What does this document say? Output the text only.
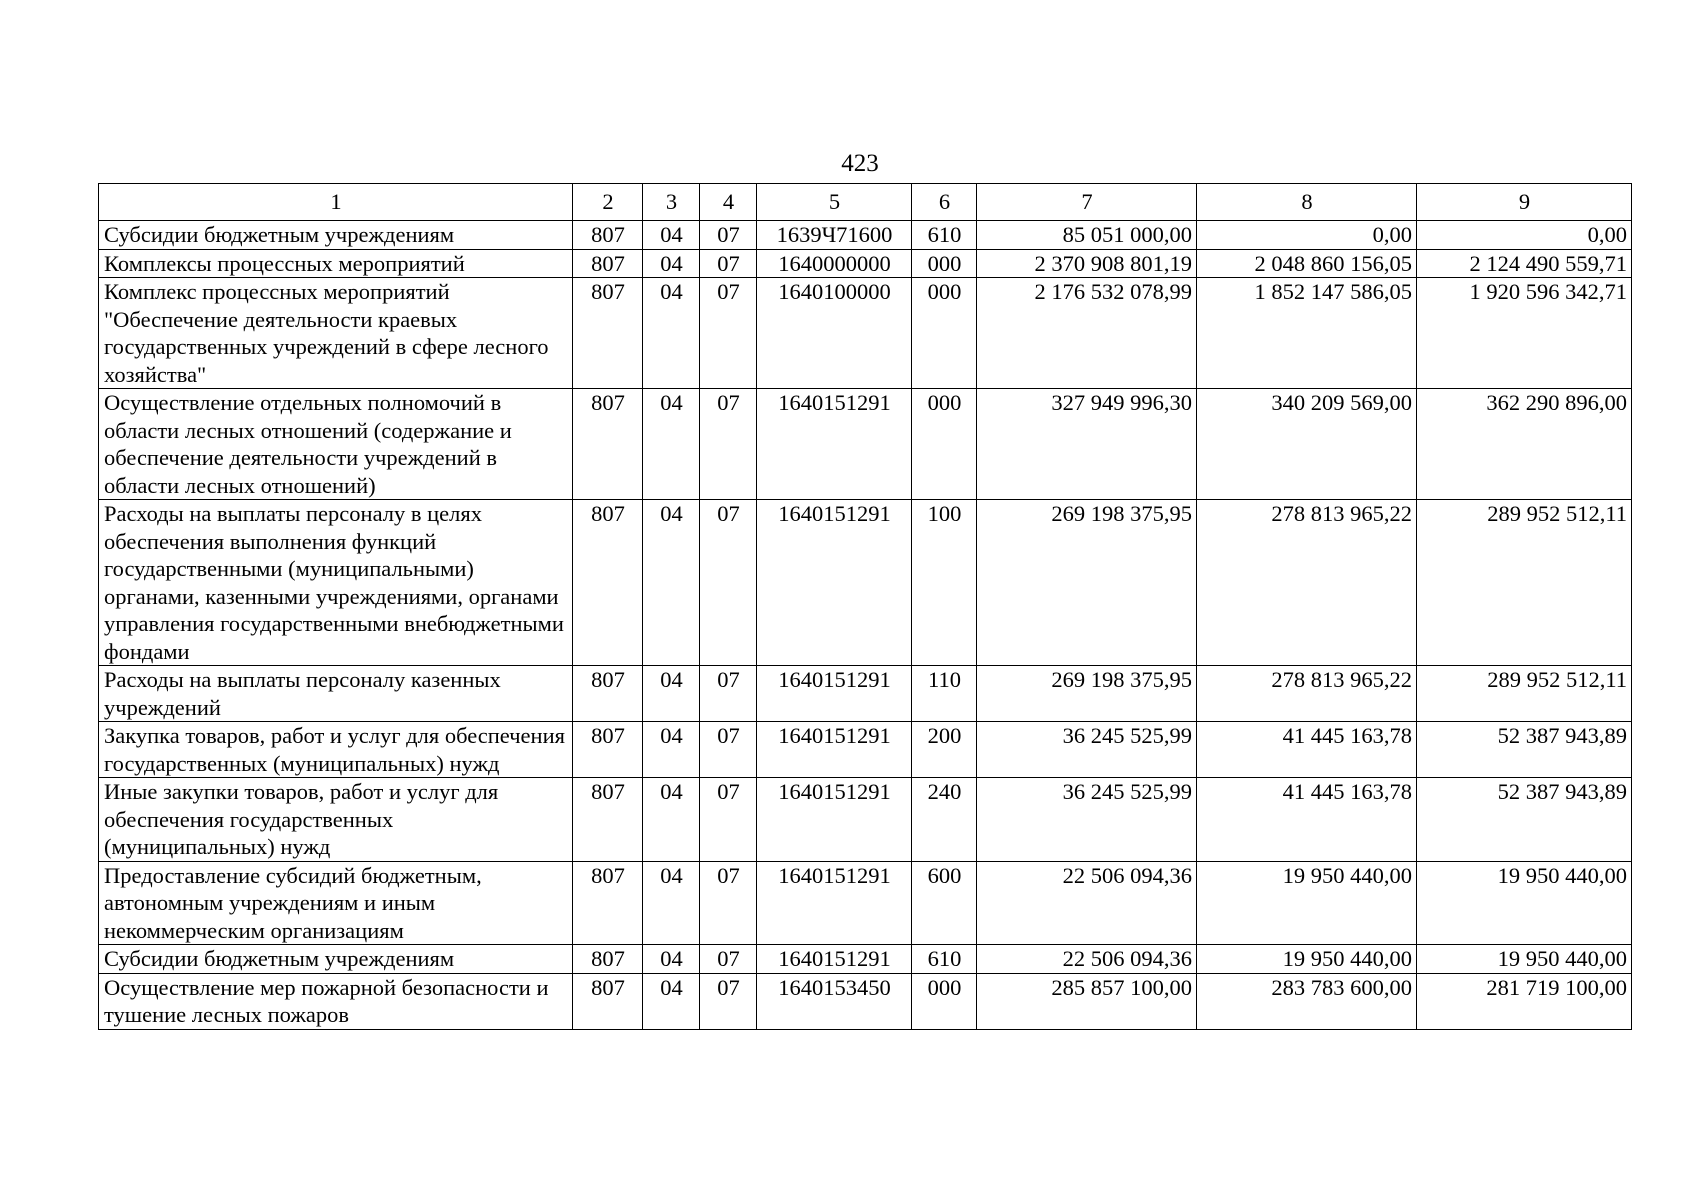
423
1	2	3	4	5	6	7	8	9
Субсидии бюджетным учреждениям	807	04	07	1639Ч71600	610	85 051 000,00	0,00	0,00
Комплексы процессных мероприятий	807	04	07	1640000000	000	2 370 908 801,19	2 048 860 156,05	2 124 490 559,71
Комплекс процессных мероприятий "Обеспечение деятельности краевых государственных учреждений в сфере лесного хозяйства"	807	04	07	1640100000	000	2 176 532 078,99	1 852 147 586,05	1 920 596 342,71
Осуществление отдельных полномочий в области лесных отношений (содержание и обеспечение деятельности учреждений в области лесных отношений)	807	04	07	1640151291	000	327 949 996,30	340 209 569,00	362 290 896,00
Расходы на выплаты персоналу в целях обеспечения выполнения функций государственными (муниципальными) органами, казенными учреждениями, органами управления государственными внебюджетными фондами	807	04	07	1640151291	100	269 198 375,95	278 813 965,22	289 952 512,11
Расходы на выплаты персоналу казенных учреждений	807	04	07	1640151291	110	269 198 375,95	278 813 965,22	289 952 512,11
Закупка товаров, работ и услуг для обеспечения государственных (муниципальных) нужд	807	04	07	1640151291	200	36 245 525,99	41 445 163,78	52 387 943,89
Иные закупки товаров, работ и услуг для обеспечения государственных (муниципальных) нужд	807	04	07	1640151291	240	36 245 525,99	41 445 163,78	52 387 943,89
Предоставление субсидий бюджетным, автономным учреждениям и иным некоммерческим организациям	807	04	07	1640151291	600	22 506 094,36	19 950 440,00	19 950 440,00
Субсидии бюджетным учреждениям	807	04	07	1640151291	610	22 506 094,36	19 950 440,00	19 950 440,00
Осуществление мер пожарной безопасности и тушение лесных пожаров	807	04	07	1640153450	000	285 857 100,00	283 783 600,00	281 719 100,00
